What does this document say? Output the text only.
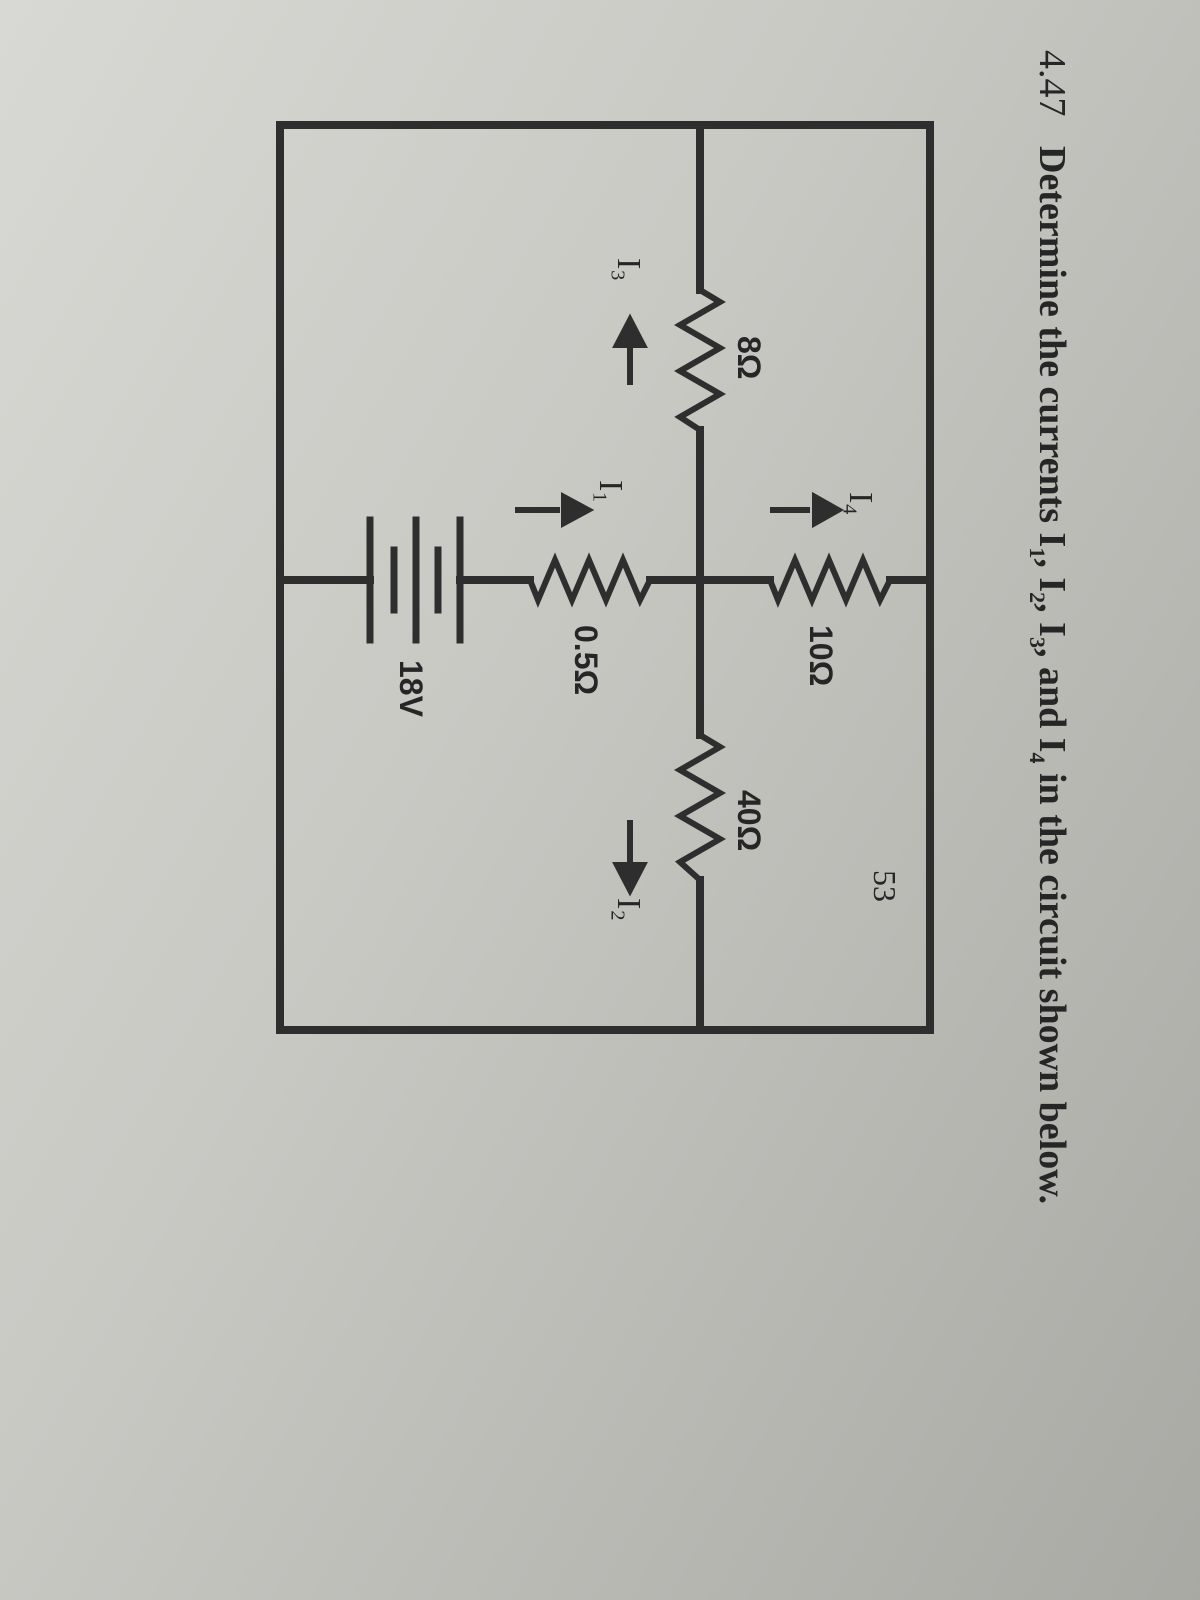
4.47 Determine the currents $I_1$, $I_2$, $I_3$, and $I_4$ in the circuit shown below.
8Ω
40Ω
10Ω
0.5Ω
18V
I₄
I₁
I₃
I₂
53
